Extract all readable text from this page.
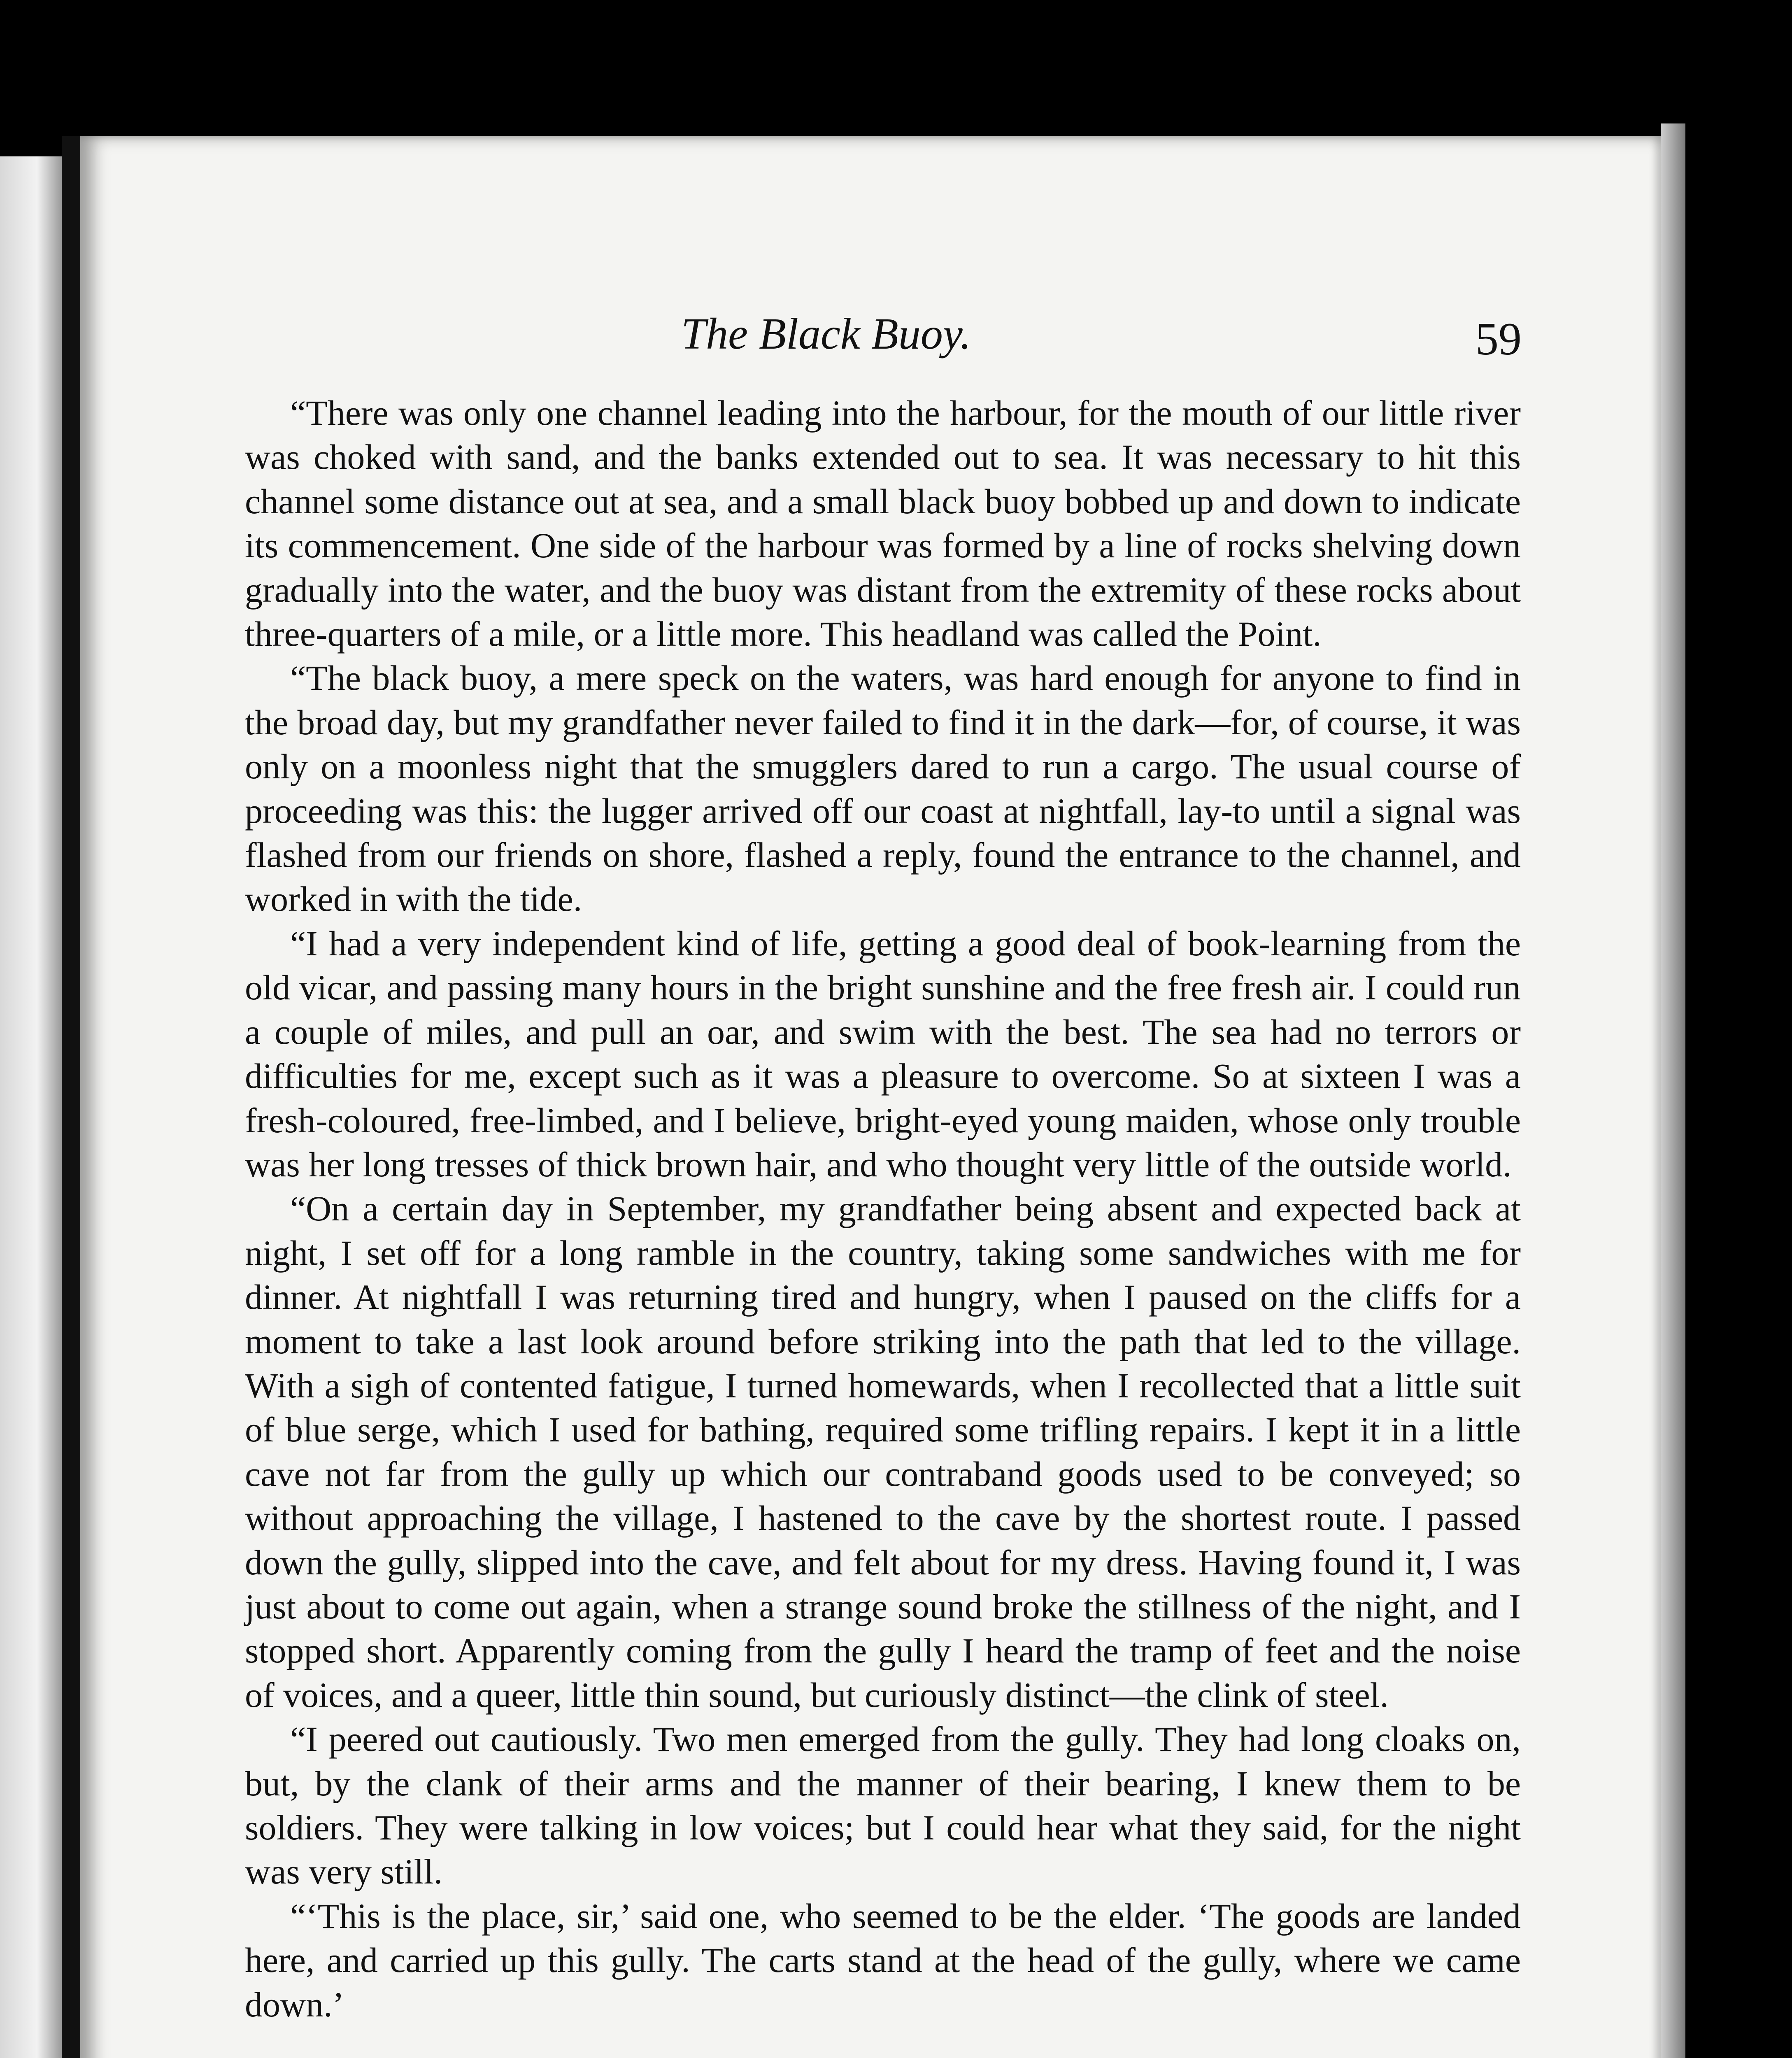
The Black Buoy.	59

“There was only one channel leading into the harbour, for the mouth of our little river was choked with sand, and the banks extended out to sea. It was necessary to hit this channel some distance out at sea, and a small black buoy bobbed up and down to indicate its commencement. One side of the harbour was formed by a line of rocks shelving down gradually into the water, and the buoy was distant from the extremity of these rocks about three-quarters of a mile, or a little more. This headland was called the Point.

“The black buoy, a mere speck on the waters, was hard enough for anyone to find in the broad day, but my grandfather never failed to find it in the dark—for, of course, it was only on a moonless night that the smugglers dared to run a cargo. The usual course of proceeding was this: the lugger arrived off our coast at nightfall, lay-to until a signal was flashed from our friends on shore, flashed a reply, found the entrance to the channel, and worked in with the tide.

“I had a very independent kind of life, getting a good deal of book-learning from the old vicar, and passing many hours in the bright sunshine and the free fresh air. I could run a couple of miles, and pull an oar, and swim with the best. The sea had no terrors or difficulties for me, except such as it was a pleasure to overcome. So at sixteen I was a fresh-coloured, free-limbed, and I believe, bright-eyed young maiden, whose only trouble was her long tresses of thick brown hair, and who thought very little of the outside world.

“On a certain day in September, my grandfather being absent and expected back at night, I set off for a long ramble in the country, taking some sandwiches with me for dinner. At nightfall I was returning tired and hungry, when I paused on the cliffs for a moment to take a last look around before striking into the path that led to the village. With a sigh of contented fatigue, I turned homewards, when I recollected that a little suit of blue serge, which I used for bathing, required some trifling repairs. I kept it in a little cave not far from the gully up which our contraband goods used to be conveyed; so without approaching the village, I hastened to the cave by the shortest route. I passed down the gully, slipped into the cave, and felt about for my dress. Having found it, I was just about to come out again, when a strange sound broke the stillness of the night, and I stopped short. Apparently coming from the gully I heard the tramp of feet and the noise of voices, and a queer, little thin sound, but curiously distinct—the clink of steel.

“I peered out cautiously. Two men emerged from the gully. They had long cloaks on, but, by the clank of their arms and the manner of their bearing, I knew them to be soldiers. They were talking in low voices; but I could hear what they said, for the night was very still.

“‘This is the place, sir,’ said one, who seemed to be the elder. ‘The goods are landed here, and carried up this gully. The carts stand at the head of the gully, where we came down.’
